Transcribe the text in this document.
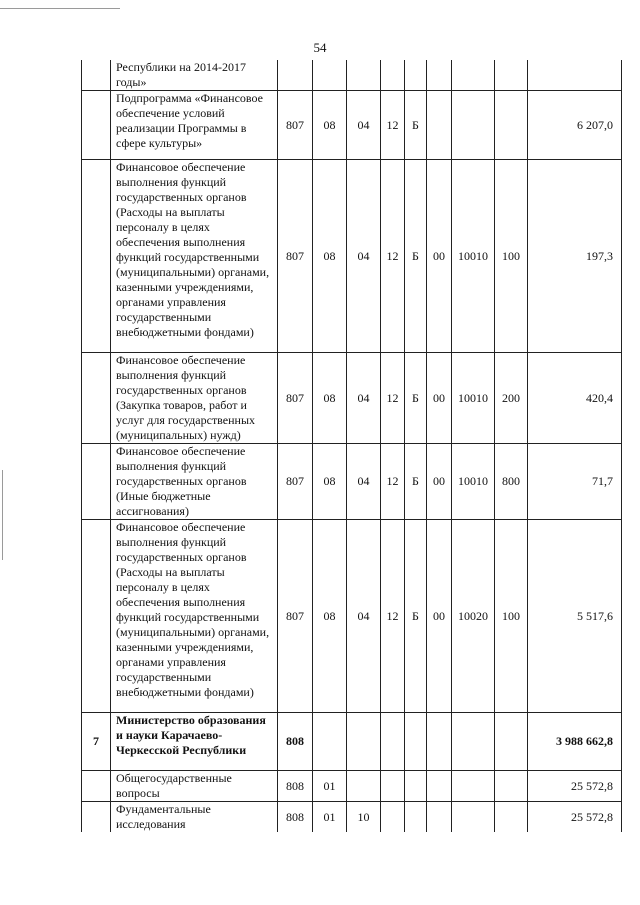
54
	Республики на 2014-2017 годы»									
	Подпрограмма «Финансовое обеспечение условий реализации Программы в сфере культуры»	807	08	04	12	Б				6 207,0
	Финансовое обеспечение выполнения функций государственных органов (Расходы на выплаты персоналу в целях обеспечения выполнения функций государственными (муниципальными) органами, казенными учреждениями, органами управления государственными внебюджетными фондами)	807	08	04	12	Б	00	10010	100	197,3
	Финансовое обеспечение выполнения функций государственных органов (Закупка товаров, работ и услуг для государственных (муниципальных) нужд)	807	08	04	12	Б	00	10010	200	420,4
	Финансовое обеспечение выполнения функций государственных органов (Иные бюджетные ассигнования)	807	08	04	12	Б	00	10010	800	71,7
	Финансовое обеспечение выполнения функций государственных органов (Расходы на выплаты персоналу в целях обеспечения выполнения функций государственными (муниципальными) органами, казенными учреждениями, органами управления государственными внебюджетными фондами)	807	08	04	12	Б	00	10020	100	5 517,6
7	Министерство образования и науки Карачаево-Черкесской Республики	808								3 988 662,8
	Общегосударственные вопросы	808	01							25 572,8
	Фундаментальные исследования	808	01	10						25 572,8
